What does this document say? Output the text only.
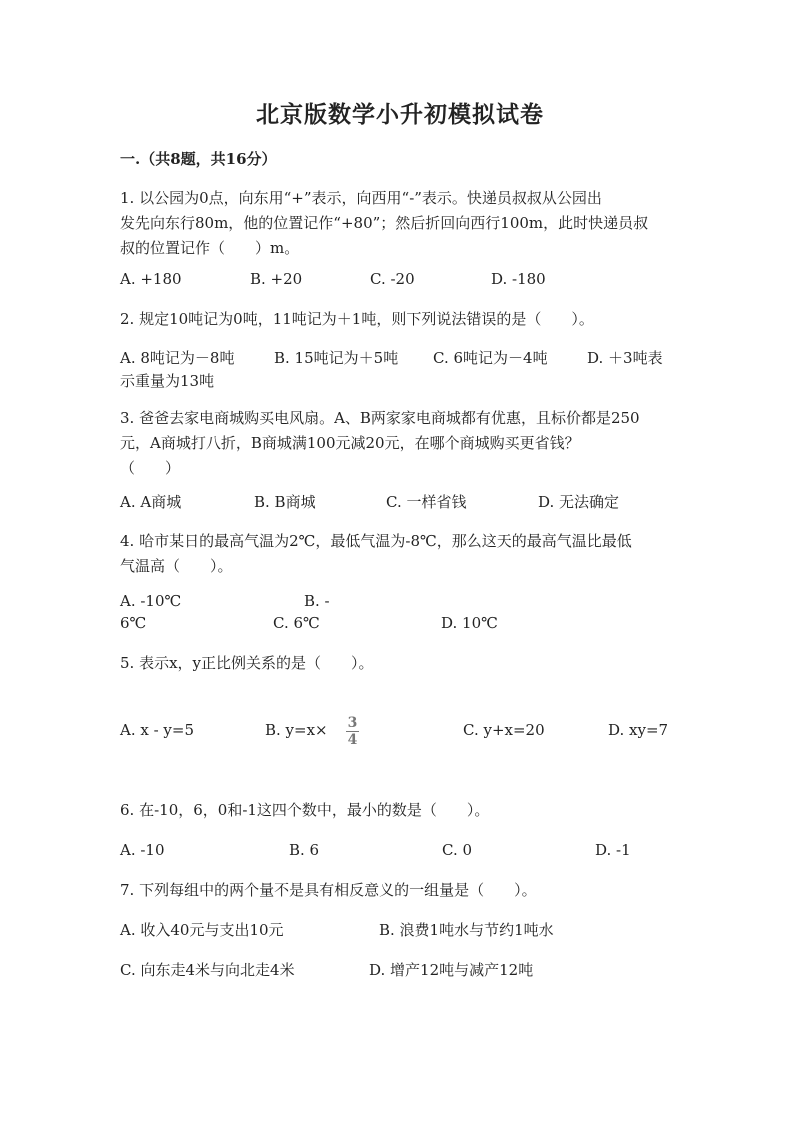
北京版数学小升初模拟试卷
一.（共8题，共16分）
1. 以公园为0点，向东用“+”表示，向西用“-”表示。快递员叔叔从公园出
发先向东行80m，他的位置记作“+80”；然后折回向西行100m，此时快递员叔
叔的位置记作（　　）m。
A. +180	B. +20	C. -20	D. -180
2. 规定10吨记为0吨，11吨记为＋1吨，则下列说法错误的是（　　）。
A. 8吨记为－8吨	B. 15吨记为＋5吨 C. 6吨记为－4吨	D. ＋3吨表
示重量为13吨
3. 爸爸去家电商城购买电风扇。A、B两家家电商城都有优惠，且标价都是250
元，A商城打八折，B商城满100元减20元，在哪个商城购买更省钱？
（　　）
A. A商城	B. B商城	C. 一样省钱	D. 无法确定
4. 哈市某日的最高气温为2℃，最低气温为-8℃，那么这天的最高气温比最低
气温高（　　）。
A. -10℃	B. -
6℃	C. 6℃	D. 10℃
5. 表示x，y正比例关系的是（　　）。
A. x - y=5	B. $y=x\times \frac{3}{4}$	C. y+x=20	D. xy=7
6. 在-10，6，0和-1这四个数中，最小的数是（　　）。
A. -10	B. 6	C. 0	D. -1
7. 下列每组中的两个量不是具有相反意义的一组量是（　　）。
A. 收入40元与支出10元	B. 浪费1吨水与节约1吨水
C. 向东走4米与向北走4米	D. 增产12吨与减产12吨
